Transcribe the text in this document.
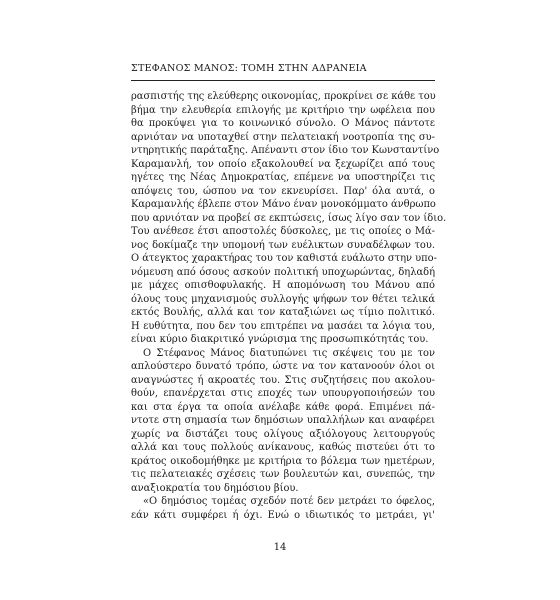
ΣΤΕΦΑΝΟΣ ΜΑΝΟΣ: ΤΟΜΗ ΣΤΗΝ ΑΔΡΑΝΕΙΑ
ρασπιστής της ελεύθερης οικονομίας, προκρίνει σε κάθε του
βήμα την ελευθερία επιλογής με κριτήριο την ωφέλεια που
θα προκύψει για το κοινωνικό σύνολο. Ο Μάνος πάντοτε
αρνιόταν να υποταχθεί στην πελατειακή νοοτροπία της συ-
ντηρητικής παράταξης. Απέναντι στον ίδιο τον Κωνσταντίνο
Καραμανλή, τον οποίο εξακολουθεί να ξεχωρίζει από τους
ηγέτες της Νέας Δημοκρατίας, επέμενε να υποστηρίζει τις
απόψεις του, ώσπου να τον εκνευρίσει. Παρ' όλα αυτά, ο
Καραμανλής έβλεπε στον Μάνο έναν μονοκόμματο άνθρωπο
που αρνιόταν να προβεί σε εκπτώσεις, ίσως λίγο σαν τον ίδιο.
Του ανέθεσε έτσι αποστολές δύσκολες, με τις οποίες ο Μά-
νος δοκίμαζε την υπομονή των ευέλικτων συναδέλφων του.
Ο άτεγκτος χαρακτήρας του τον καθιστά ευάλωτο στην υπο-
νόμευση από όσους ασκούν πολιτική υποχωρώντας, δηλαδή
με μάχες οπισθοφυλακής. Η απομόνωση του Μάνου από
όλους τους μηχανισμούς συλλογής ψήφων τον θέτει τελικά
εκτός Βουλής, αλλά και τον καταξιώνει ως τίμιο πολιτικό.
Η ευθύτητα, που δεν του επιτρέπει να μασάει τα λόγια του,
είναι κύριο διακριτικό γνώρισμα της προσωπικότητάς του.
Ο Στέφανος Μάνος διατυπώνει τις σκέψεις του με τον
απλούστερο δυνατό τρόπο, ώστε να τον κατανοούν όλοι οι
αναγνώστες ή ακροατές του. Στις συζητήσεις που ακολου-
θούν, επανέρχεται στις εποχές των υπουργοποιήσεών του
και στα έργα τα οποία ανέλαβε κάθε φορά. Επιμένει πά-
ντοτε στη σημασία των δημόσιων υπαλλήλων και αναφέρει
χωρίς να διστάζει τους ολίγους αξιόλογους λειτουργούς
αλλά και τους πολλούς ανίκανους, καθώς πιστεύει ότι το
κράτος οικοδομήθηκε με κριτήρια το βόλεμα των ημετέρων,
τις πελατειακές σχέσεις των βουλευτών και, συνεπώς, την
αναξιοκρατία του δημόσιου βίου.
«Ο δημόσιος τομέας σχεδόν ποτέ δεν μετράει το όφελος,
εάν κάτι συμφέρει ή όχι. Ενώ ο ιδιωτικός το μετράει, γι'
14
